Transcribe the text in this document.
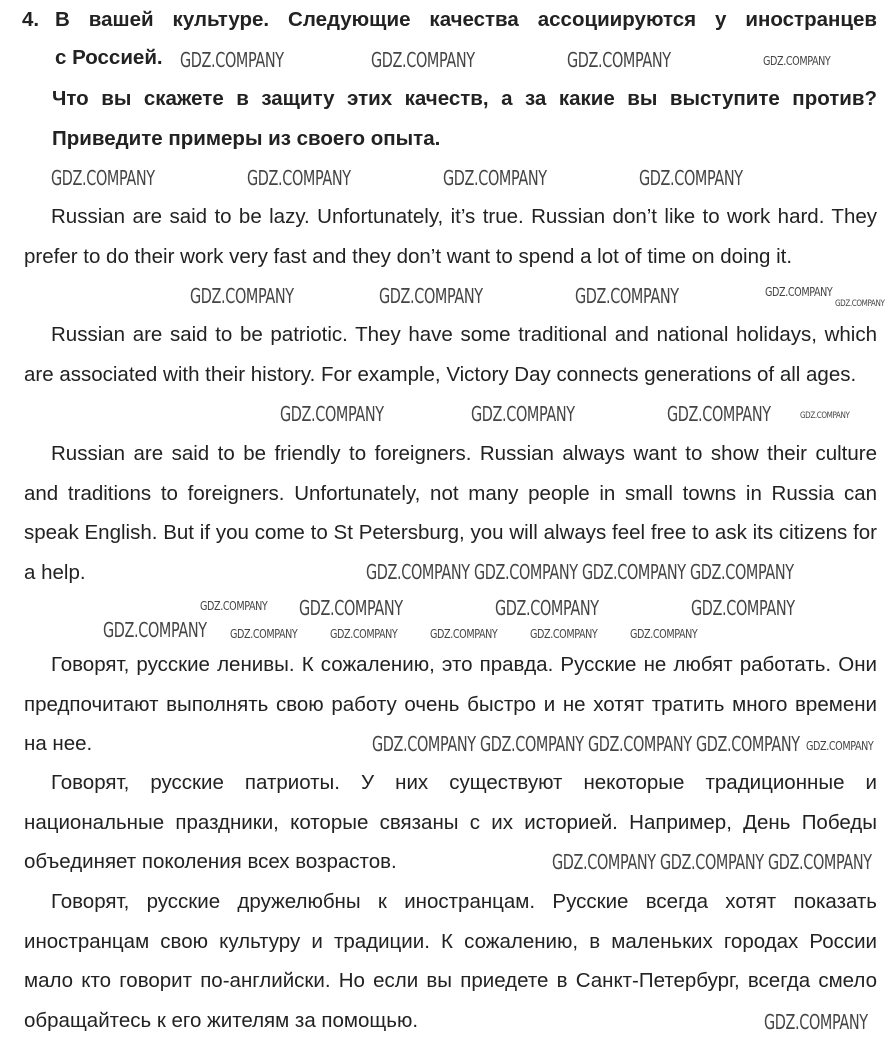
4. В вашей культуре. Следующие качества ассоциируются у иностранцев
с Россией.
Что вы скажете в защиту этих качеств, а за какие вы выступите против? Приведите примеры из своего опыта.

Russian are said to be lazy. Unfortunately, it’s true. Russian don’t like to work hard. They prefer to do their work very fast and they don’t want to spend a lot of time on doing it.

Russian are said to be patriotic. They have some traditional and national holidays, which are associated with their history. For example, Victory Day connects generations of all ages.

Russian are said to be friendly to foreigners. Russian always want to show their culture and traditions to foreigners. Unfortunately, not many people in small towns in Russia can speak English. But if you come to St Petersburg, you will always feel free to ask its citizens for a help.

Говорят, русские ленивы. К сожалению, это правда. Русские не любят работать. Они предпочитают выполнять свою работу очень быстро и не хотят тратить много времени на нее.

Говорят, русские патриоты. У них существуют некоторые традиционные и национальные праздники, которые связаны с их историей. Например, День Победы объединяет поколения всех возрастов.

Говорят, русские дружелюбны к иностранцам. Русские всегда хотят показать иностранцам свою культуру и традиции. К сожалению, в маленьких городах России мало кто говорит по-английски. Но если вы приедете в Санкт-Петербург, всегда смело обращайтесь к его жителям за помощью.

GDZ.COMPANY	GDZ.COMPANY	GDZ.COMPANY	GDZ.COMPANY
GDZ.COMPANY	GDZ.COMPANY	GDZ.COMPANY	GDZ.COMPANY
GDZ.COMPANY	GDZ.COMPANY	GDZ.COMPANY	GDZ.COMPANY
GDZ.COMPANY
GDZ.COMPANY	GDZ.COMPANY	GDZ.COMPANY	GDZ.COMPANY
GDZ.COMPANY GDZ.COMPANY GDZ.COMPANY GDZ.COMPANY
GDZ.COMPANY GDZ.COMPANY	GDZ.COMPANY	GDZ.COMPANY
GDZ.COMPANY GDZ.COMPANY	GDZ.COMPANY	GDZ.COMPANY	GDZ.COMPANY	GDZ.COMPANY
GDZ.COMPANY GDZ.COMPANY GDZ.COMPANY GDZ.COMPANY GDZ.COMPANY
GDZ.COMPANY GDZ.COMPANY GDZ.COMPANY
GDZ.COMPANY
